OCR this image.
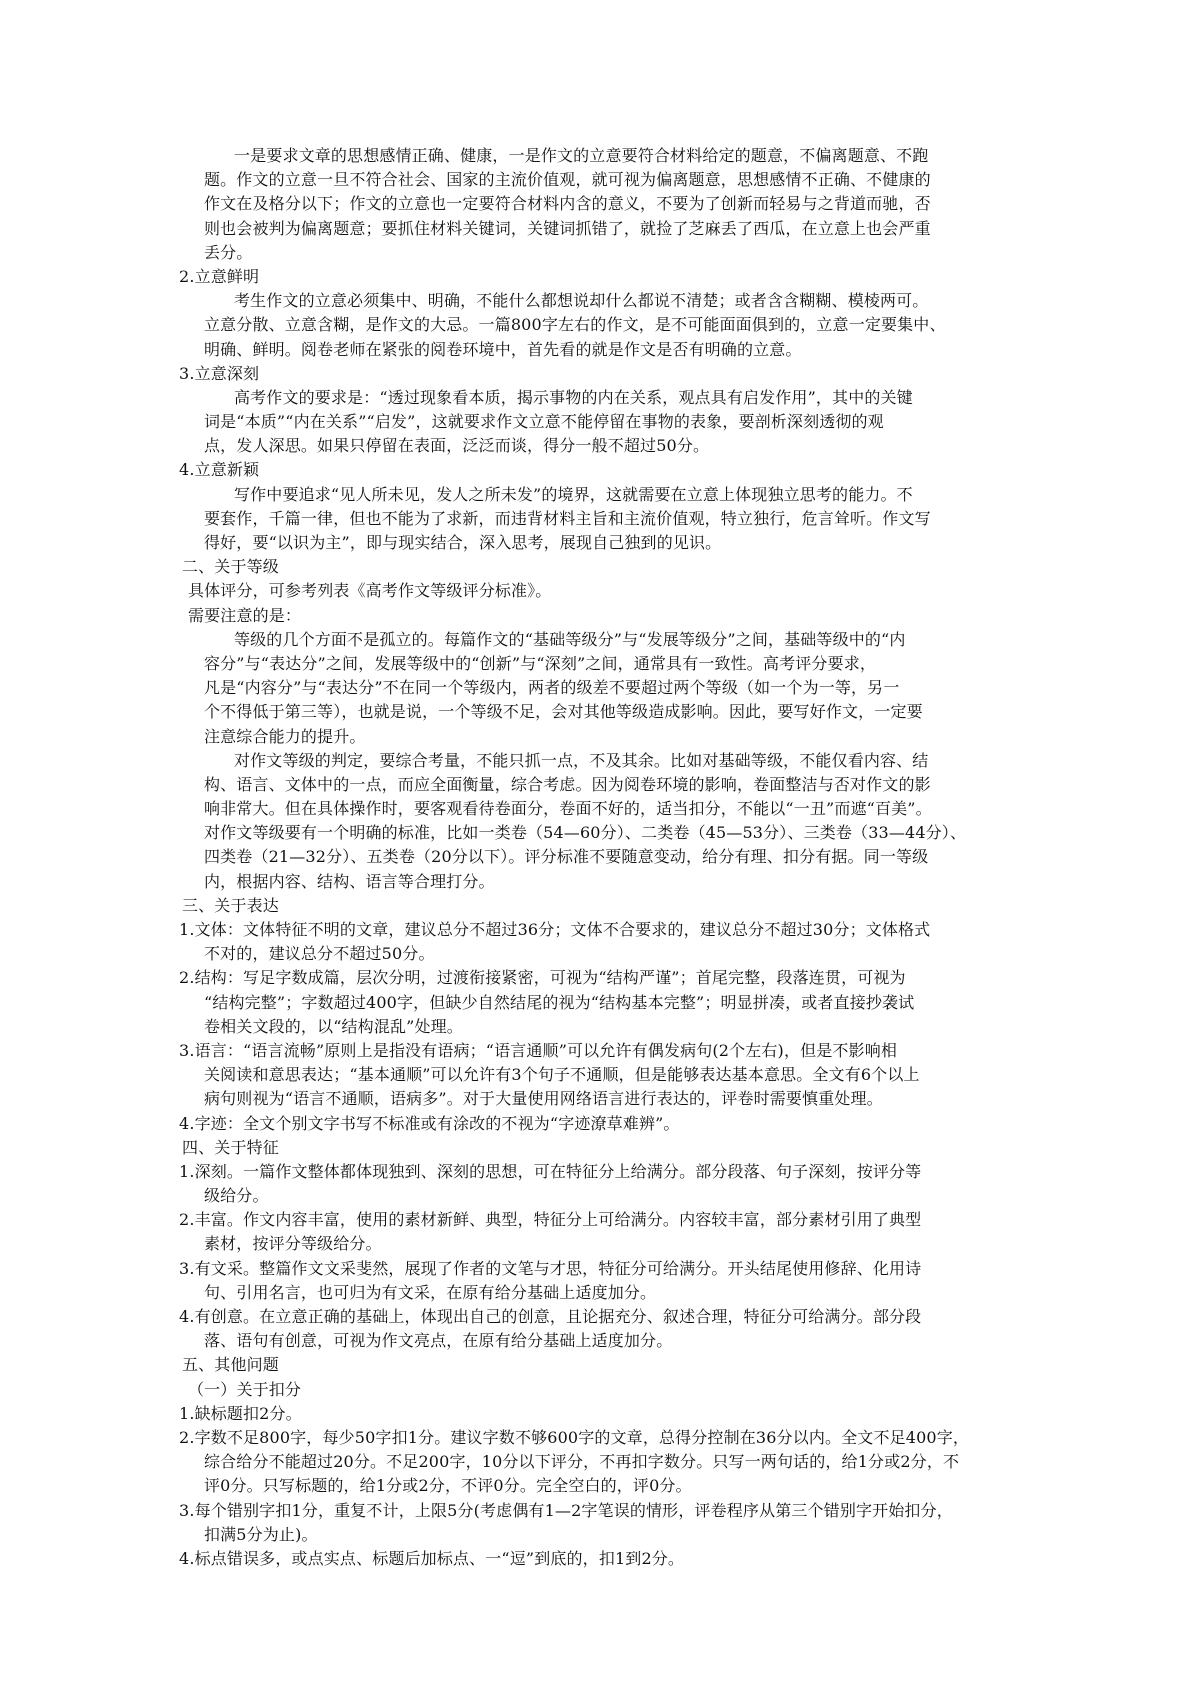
一是要求文章的思想感情正确、健康，一是作文的立意要符合材料给定的题意，不偏离题意、不跑
题。作文的立意一旦不符合社会、国家的主流价值观，就可视为偏离题意，思想感情不正确、不健康的
作文在及格分以下；作文的立意也一定要符合材料内含的意义，不要为了创新而轻易与之背道而驰，否
则也会被判为偏离题意；要抓住材料关键词，关键词抓错了，就捡了芝麻丢了西瓜，在立意上也会严重
丢分。
2.立意鲜明
考生作文的立意必须集中、明确，不能什么都想说却什么都说不清楚；或者含含糊糊、模棱两可。
立意分散、立意含糊，是作文的大忌。一篇800字左右的作文，是不可能面面俱到的，立意一定要集中、
明确、鲜明。阅卷老师在紧张的阅卷环境中，首先看的就是作文是否有明确的立意。
3.立意深刻
高考作文的要求是：“透过现象看本质，揭示事物的内在关系，观点具有启发作用”，其中的关键
词是“本质”“内在关系”“启发”，这就要求作文立意不能停留在事物的表象，要剖析深刻透彻的观
点，发人深思。如果只停留在表面，泛泛而谈，得分一般不超过50分。
4.立意新颖
写作中要追求“见人所未见，发人之所未发”的境界，这就需要在立意上体现独立思考的能力。不
要套作，千篇一律，但也不能为了求新，而违背材料主旨和主流价值观，特立独行，危言耸听。作文写
得好，要“以识为主”，即与现实结合，深入思考，展现自己独到的见识。
二、关于等级
具体评分，可参考列表《高考作文等级评分标准》。
需要注意的是：
等级的几个方面不是孤立的。每篇作文的“基础等级分”与“发展等级分”之间，基础等级中的“内
容分”与“表达分”之间，发展等级中的“创新”与“深刻”之间，通常具有一致性。高考评分要求，
凡是“内容分”与“表达分”不在同一个等级内，两者的级差不要超过两个等级（如一个为一等，另一
个不得低于第三等），也就是说，一个等级不足，会对其他等级造成影响。因此，要写好作文，一定要
注意综合能力的提升。
对作文等级的判定，要综合考量，不能只抓一点，不及其余。比如对基础等级，不能仅看内容、结
构、语言、文体中的一点，而应全面衡量，综合考虑。因为阅卷环境的影响，卷面整洁与否对作文的影
响非常大。但在具体操作时，要客观看待卷面分，卷面不好的，适当扣分，不能以“一丑”而遮“百美”。
对作文等级要有一个明确的标准，比如一类卷（54—60分）、二类卷（45—53分）、三类卷（33—44分）、
四类卷（21—32分）、五类卷（20分以下）。评分标准不要随意变动，给分有理、扣分有据。同一等级
内，根据内容、结构、语言等合理打分。
三、关于表达
1.文体：文体特征不明的文章，建议总分不超过36分；文体不合要求的，建议总分不超过30分；文体格式
不对的，建议总分不超过50分。
2.结构：写足字数成篇，层次分明，过渡衔接紧密，可视为“结构严谨”；首尾完整，段落连贯，可视为
“结构完整”；字数超过400字，但缺少自然结尾的视为“结构基本完整”；明显拼凑，或者直接抄袭试
卷相关文段的，以“结构混乱”处理。
3.语言：“语言流畅”原则上是指没有语病；“语言通顺”可以允许有偶发病句(2个左右)，但是不影响相
关阅读和意思表达；“基本通顺”可以允许有3个句子不通顺，但是能够表达基本意思。全文有6个以上
病句则视为“语言不通顺，语病多”。对于大量使用网络语言进行表达的，评卷时需要慎重处理。
4.字迹：全文个别文字书写不标准或有涂改的不视为“字迹潦草难辨”。
四、关于特征
1.深刻。一篇作文整体都体现独到、深刻的思想，可在特征分上给满分。部分段落、句子深刻，按评分等
级给分。
2.丰富。作文内容丰富，使用的素材新鲜、典型，特征分上可给满分。内容较丰富，部分素材引用了典型
素材，按评分等级给分。
3.有文采。整篇作文文采斐然，展现了作者的文笔与才思，特征分可给满分。开头结尾使用修辞、化用诗
句、引用名言，也可归为有文采，在原有给分基础上适度加分。
4.有创意。在立意正确的基础上，体现出自己的创意，且论据充分、叙述合理，特征分可给满分。部分段
落、语句有创意，可视为作文亮点，在原有给分基础上适度加分。
五、其他问题
（一）关于扣分
1.缺标题扣2分。
2.字数不足800字，每少50字扣1分。建议字数不够600字的文章，总得分控制在36分以内。全文不足400字，
综合给分不能超过20分。不足200字，10分以下评分，不再扣字数分。只写一两句话的，给1分或2分，不
评0分。只写标题的，给1分或2分，不评0分。完全空白的，评0分。
3.每个错别字扣1分，重复不计，上限5分(考虑偶有1—2字笔误的情形，评卷程序从第三个错别字开始扣分，
扣满5分为止)。
4.标点错误多，或点实点、标题后加标点、一“逗”到底的，扣1到2分。
